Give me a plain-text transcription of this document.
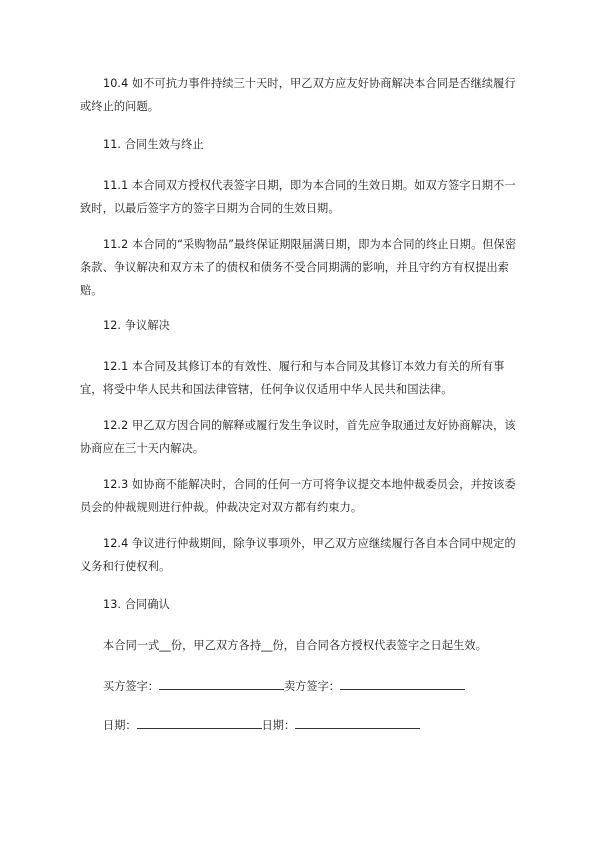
10.4 如不可抗力事件持续三十天时，甲乙双方应友好协商解决本合同是否继续履行或终止的问题。

11. 合同生效与终止

11.1 本合同双方授权代表签字日期，即为本合同的生效日期。如双方签字日期不一致时，以最后签字方的签字日期为合同的生效日期。

11.2 本合同的“采购物品”最终保证期限届满日期，即为本合同的终止日期。但保密条款、争议解决和双方未了的债权和债务不受合同期满的影响，并且守约方有权提出索赔。

12. 争议解决

12.1 本合同及其修订本的有效性、履行和与本合同及其修订本效力有关的所有事宜，将受中华人民共和国法律管辖，任何争议仅适用中华人民共和国法律。

12.2 甲乙双方因合同的解释或履行发生争议时，首先应争取通过友好协商解决，该协商应在三十天内解决。

12.3 如协商不能解决时，合同的任何一方可将争议提交本地仲裁委员会，并按该委员会的仲裁规则进行仲裁。仲裁决定对双方都有约束力。

12.4 争议进行仲裁期间，除争议事项外，甲乙双方应继续履行各自本合同中规定的义务和行使权利。

13. 合同确认

本合同一式__份，甲乙双方各持__份，自合同各方授权代表签字之日起生效。

买方签字：	卖方签字：
日期：	日期：
